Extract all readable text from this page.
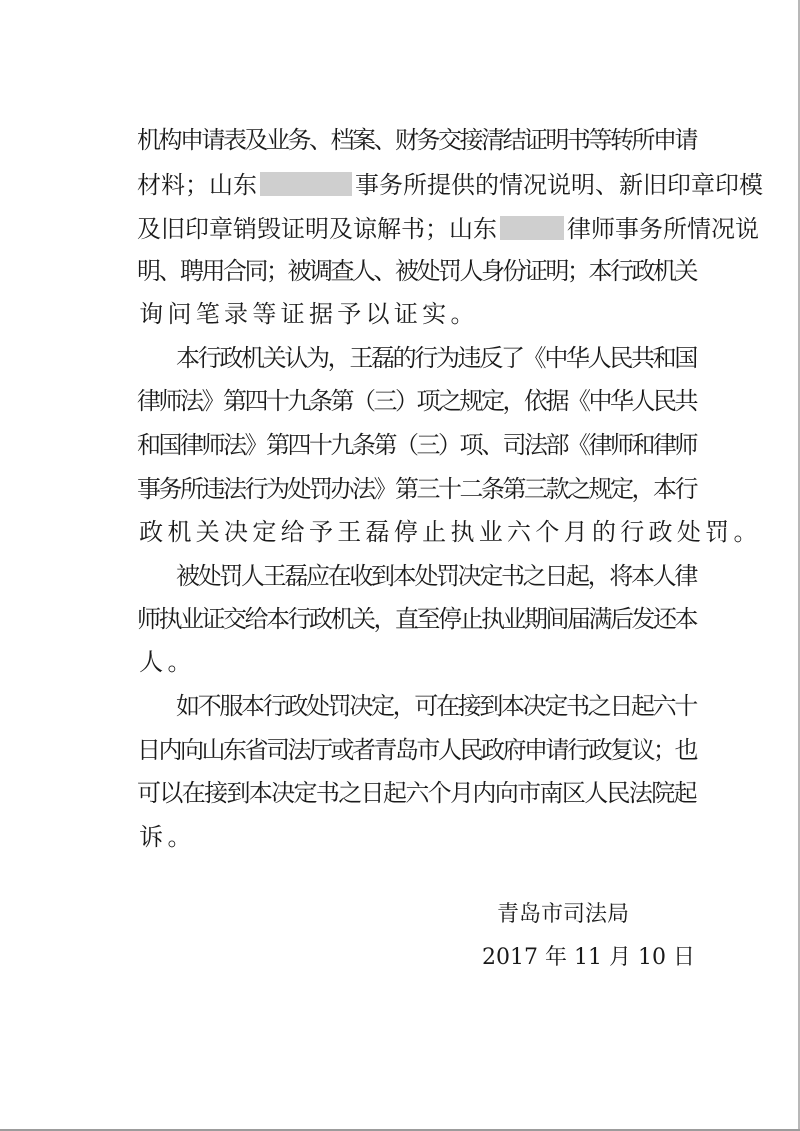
机
构
申
请
表
及
业
务
、
档
案
、
财
务
交
接
清
结
证
明
书
等
转
所
申
请
材料；山东	事务所提供的情况说明、新旧印章印模
及旧印章销毁证明及谅解书；山东	律师事务所情况说
明
、
聘
用
合
同
；
被
调
查
人
、
被
处
罚
人
身
份
证
明
；
本
行
政
机
关
询 问 笔 录 等 证 据 予 以 证 实 。
本
行
政
机
关
认
为
，
王
磊
的
行
为
违
反
了
《
中
华
人
民
共
和
国
律
师
法
》
第
四
十
九
条
第
（
三
）
项
之
规
定
，
依
据
《
中
华
人
民
共
和
国
律
师
法
》
第
四
十
九
条
第
（
三
）
项
、
司
法
部
《
律
师
和
律
师
事
务
所
违
法
行
为
处
罚
办
法
》
第
三
十
二
条
第
三
款
之
规
定
，
本
行
政 机 关 决 定 给 予 王 磊 停 止 执 业 六 个 月 的 行 政 处 罚 。
被
处
罚
人
王
磊
应
在
收
到
本
处
罚
决
定
书
之
日
起
，
将
本
人
律
师
执
业
证
交
给
本
行
政
机
关
，
直
至
停
止
执
业
期
间
届
满
后
发
还
本
人 。
如
不
服
本
行
政
处
罚
决
定
，
可
在
接
到
本
决
定
书
之
日
起
六
十
日
内
向
山
东
省
司
法
厅
或
者
青
岛
市
人
民
政
府
申
请
行
政
复
议
；
也
可
以
在
接
到
本
决
定
书
之
日
起
六
个
月
内
向
市
南
区
人
民
法
院
起
诉 。
青岛市司法局
2017 年 11 月 10 日
